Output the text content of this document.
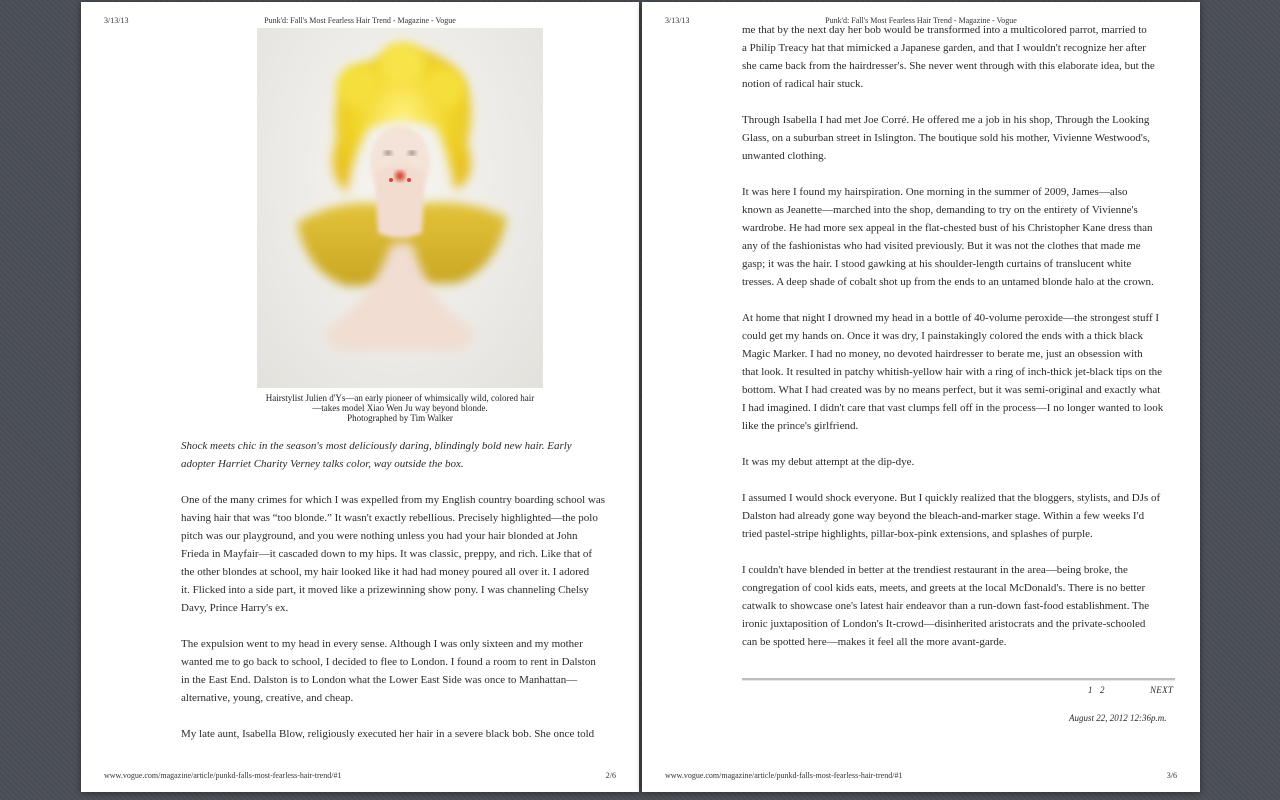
3/13/13	Punk'd: Fall's Most Fearless Hair Trend - Magazine - Vogue
Hairstylist Julien d'Ys—an early pioneer of whimsically wild, colored hair
—takes model Xiao Wen Ju way beyond blonde.
Photographed by Tim Walker

Shock meets chic in the season's most deliciously daring, blindingly bold new hair. Early
adopter Harriet Charity Verney talks color, way outside the box.

One of the many crimes for which I was expelled from my English country boarding school was
having hair that was “too blonde.” It wasn't exactly rebellious. Precisely highlighted—the polo
pitch was our playground, and you were nothing unless you had your hair blonded at John
Frieda in Mayfair—it cascaded down to my hips. It was classic, preppy, and rich. Like that of
the other blondes at school, my hair looked like it had had money poured all over it. I adored
it. Flicked into a side part, it moved like a prizewinning show pony. I was channeling Chelsy
Davy, Prince Harry's ex.

The expulsion went to my head in every sense. Although I was only sixteen and my mother
wanted me to go back to school, I decided to flee to London. I found a room to rent in Dalston
in the East End. Dalston is to London what the Lower East Side was once to Manhattan—
alternative, young, creative, and cheap.

My late aunt, Isabella Blow, religiously executed her hair in a severe black bob. She once told

www.vogue.com/magazine/article/punkd-falls-most-fearless-hair-trend/#1	2/6
3/13/13	Punk'd: Fall's Most Fearless Hair Trend - Magazine - Vogue

me that by the next day her bob would be transformed into a multicolored parrot, married to
a Philip Treacy hat that mimicked a Japanese garden, and that I wouldn't recognize her after
she came back from the hairdresser's. She never went through with this elaborate idea, but the
notion of radical hair stuck.

Through Isabella I had met Joe Corré. He offered me a job in his shop, Through the Looking
Glass, on a suburban street in Islington. The boutique sold his mother, Vivienne Westwood's,
unwanted clothing.

It was here I found my hairspiration. One morning in the summer of 2009, James—also
known as Jeanette—marched into the shop, demanding to try on the entirety of Vivienne's
wardrobe. He had more sex appeal in the flat-chested bust of his Christopher Kane dress than
any of the fashionistas who had visited previously. But it was not the clothes that made me
gasp; it was the hair. I stood gawking at his shoulder-length curtains of translucent white
tresses. A deep shade of cobalt shot up from the ends to an untamed blonde halo at the crown.

At home that night I drowned my head in a bottle of 40-volume peroxide—the strongest stuff I
could get my hands on. Once it was dry, I painstakingly colored the ends with a thick black
Magic Marker. I had no money, no devoted hairdresser to berate me, just an obsession with
that look. It resulted in patchy whitish-yellow hair with a ring of inch-thick jet-black tips on the
bottom. What I had created was by no means perfect, but it was semi-original and exactly what
I had imagined. I didn't care that vast clumps fell off in the process—I no longer wanted to look
like the prince's girlfriend.

It was my debut attempt at the dip-dye.

I assumed I would shock everyone. But I quickly realized that the bloggers, stylists, and DJs of
Dalston had already gone way beyond the bleach-and-marker stage. Within a few weeks I'd
tried pastel-stripe highlights, pillar-box-pink extensions, and splashes of purple.

I couldn't have blended in better at the trendiest restaurant in the area—being broke, the
congregation of cool kids eats, meets, and greets at the local McDonald's. There is no better
catwalk to showcase one's latest hair endeavor than a run-down fast-food establishment. The
ironic juxtaposition of London's It-crowd—disinherited aristocrats and the private-schooled
can be spotted here—makes it feel all the more avant-garde.

1 2	NEXT
August 22, 2012 12:36p.m.
www.vogue.com/magazine/article/punkd-falls-most-fearless-hair-trend/#1	3/6
